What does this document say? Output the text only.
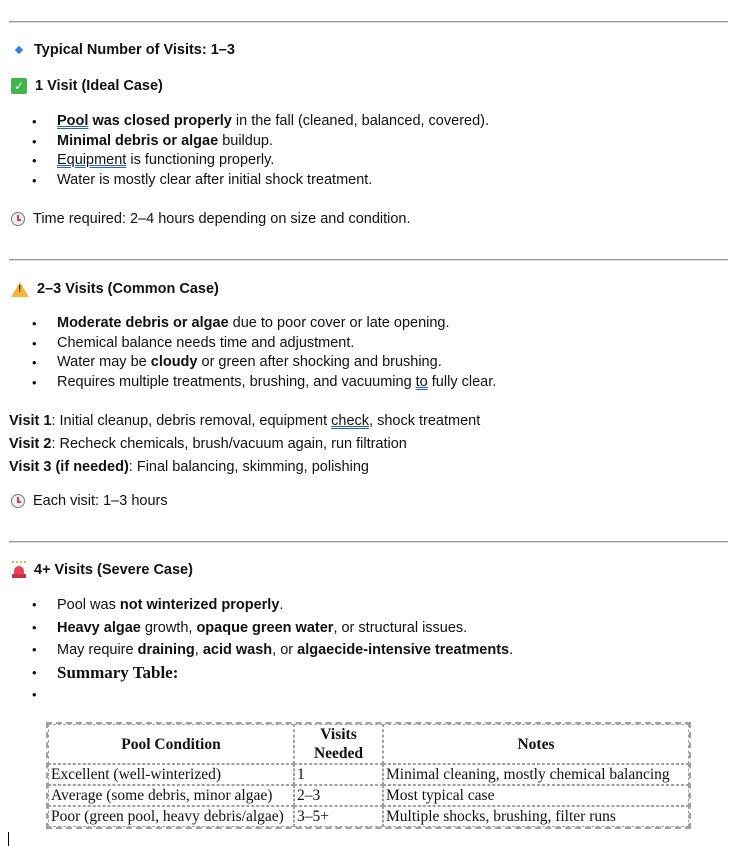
Typical Number of Visits: 1–3
✓ 1 Visit (Ideal Case)
• Pool was closed properly in the fall (cleaned, balanced, covered).
• Minimal debris or algae buildup.
• Equipment is functioning properly.
• Water is mostly clear after initial shock treatment.
Time required: 2–4 hours depending on size and condition.
!
2–3 Visits (Common Case)
• Moderate debris or algae due to poor cover or late opening.
• Chemical balance needs time and adjustment.
• Water may be cloudy or green after shocking and brushing.
• Requires multiple treatments, brushing, and vacuuming to fully clear.
Visit 1: Initial cleanup, debris removal, equipment check, shock treatment
Visit 2: Recheck chemicals, brush/vacuum again, run filtration
Visit 3 (if needed): Final balancing, skimming, polishing
Each visit: 1–3 hours
4+ Visits (Severe Case)
• Pool was not winterized properly.
• Heavy algae growth, opaque green water, or structural issues.
• May require draining, acid wash, or algaecide-intensive treatments.
• Summary Table:
•
Pool Condition	Visits Needed	Notes
Excellent (well-winterized)	1	Minimal cleaning, mostly chemical balancing
Average (some debris, minor algae)	2–3	Most typical case
Poor (green pool, heavy debris/algae)	3–5+	Multiple shocks, brushing, filter runs
